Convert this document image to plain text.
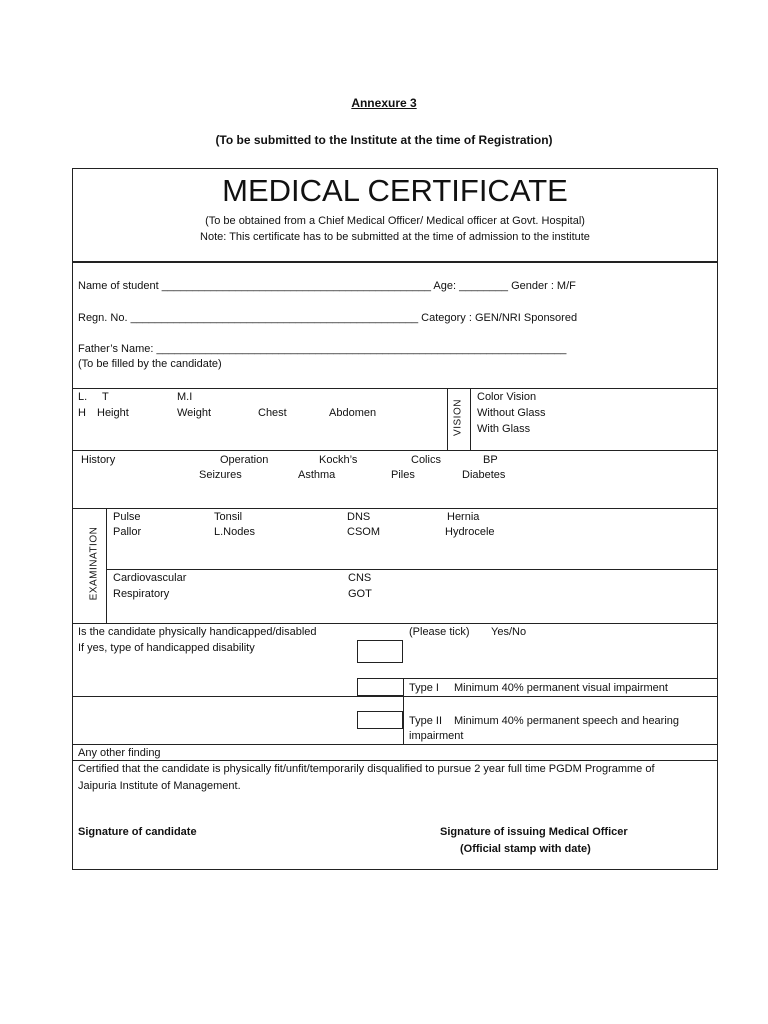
Annexure 3
(To be submitted to the Institute at the time of Registration)
MEDICAL CERTIFICATE
(To be obtained from a Chief Medical Officer/ Medical officer at Govt. Hospital)
Note: This certificate has to be submitted at the time of admission to the institute
Name of student ____________________________________________ Age: ________ Gender : M/F
Regn. No. _______________________________________________ Category : GEN/NRI Sponsored
Father’s Name: ___________________________________________________________________
(To be filled by the candidate)
L. T	M.I
H Height	Weight	Chest	Abdomen	VISION
Color Vision
Without Glass
With Glass
History	Operation	Kockh’s	Colics	BP
Seizures	Asthma	Piles	Diabetes
EXAMINATION
Pulse	Tonsil	DNS	Hernia
Pallor	L.Nodes	CSOM	Hydrocele
Cardiovascular	CNS
Respiratory	GOT
Is the candidate physically handicapped/disabled	(Please tick) Yes/No
If yes, type of handicapped disability
Type I Minimum 40% permanent visual impairment
Type II Minimum 40% permanent speech and hearing
impairment
Any other finding
Certified that the candidate is physically fit/unfit/temporarily disqualified to pursue 2 year full time PGDM Programme of
Jaipuria Institute of Management.
Signature of candidate	Signature of issuing Medical Officer
(Official stamp with date)
